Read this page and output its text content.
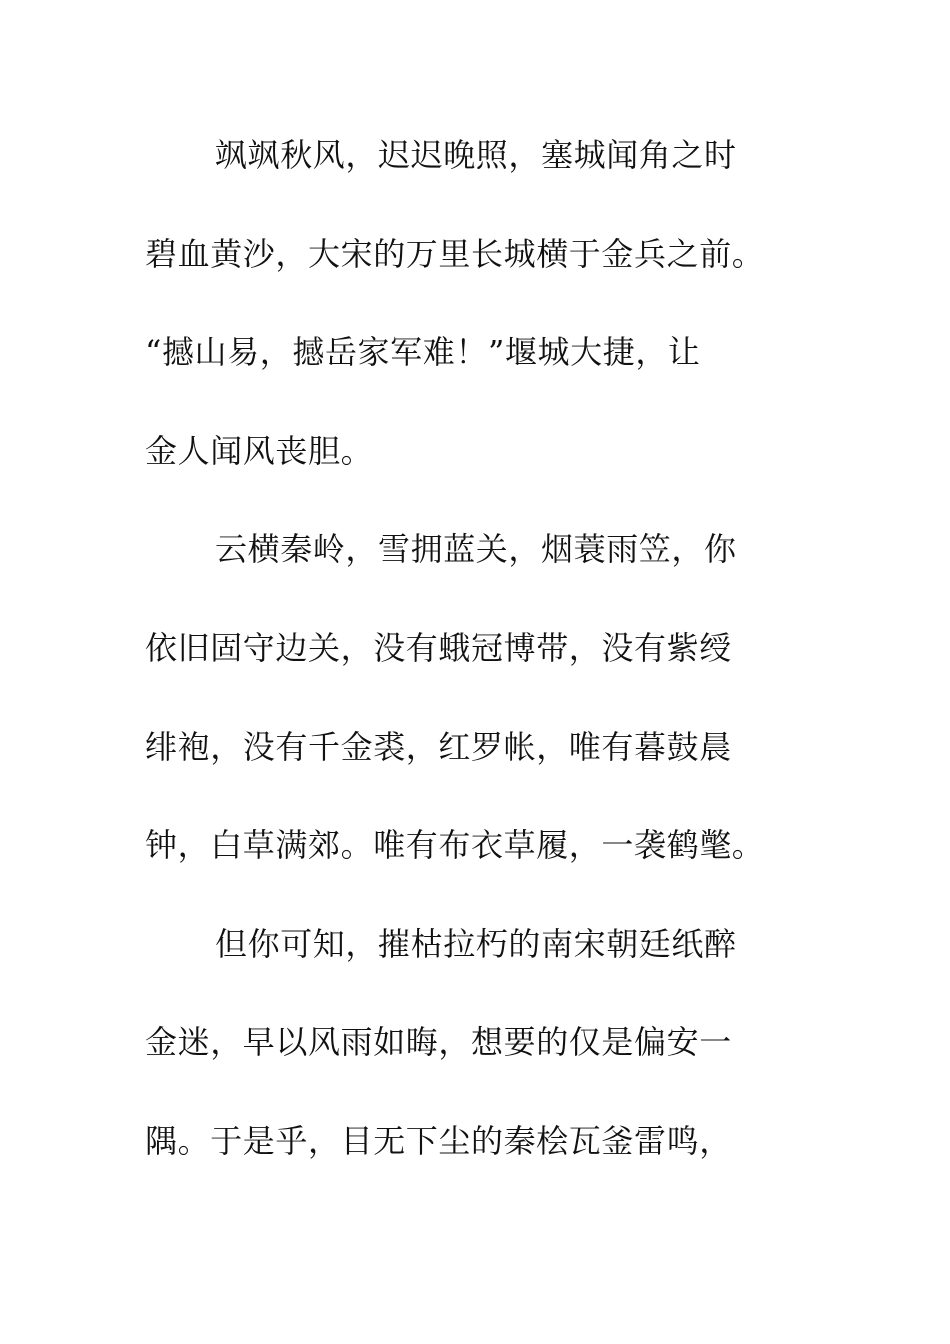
飒飒秋风，迟迟晚照，塞城闻角之时
碧血黄沙，大宋的万里长城横于金兵之前。
“撼山易，撼岳家军难！”堰城大捷，让
金人闻风丧胆。
云横秦岭，雪拥蓝关，烟蓑雨笠，你
依旧固守边关，没有蛾冠博带，没有紫绶
绯袍，没有千金裘，红罗帐，唯有暮鼓晨
钟，白草满郊。唯有布衣草履，一袭鹤氅。
但你可知，摧枯拉朽的南宋朝廷纸醉
金迷，早以风雨如晦，想要的仅是偏安一
隅。于是乎，目无下尘的秦桧瓦釜雷鸣，
